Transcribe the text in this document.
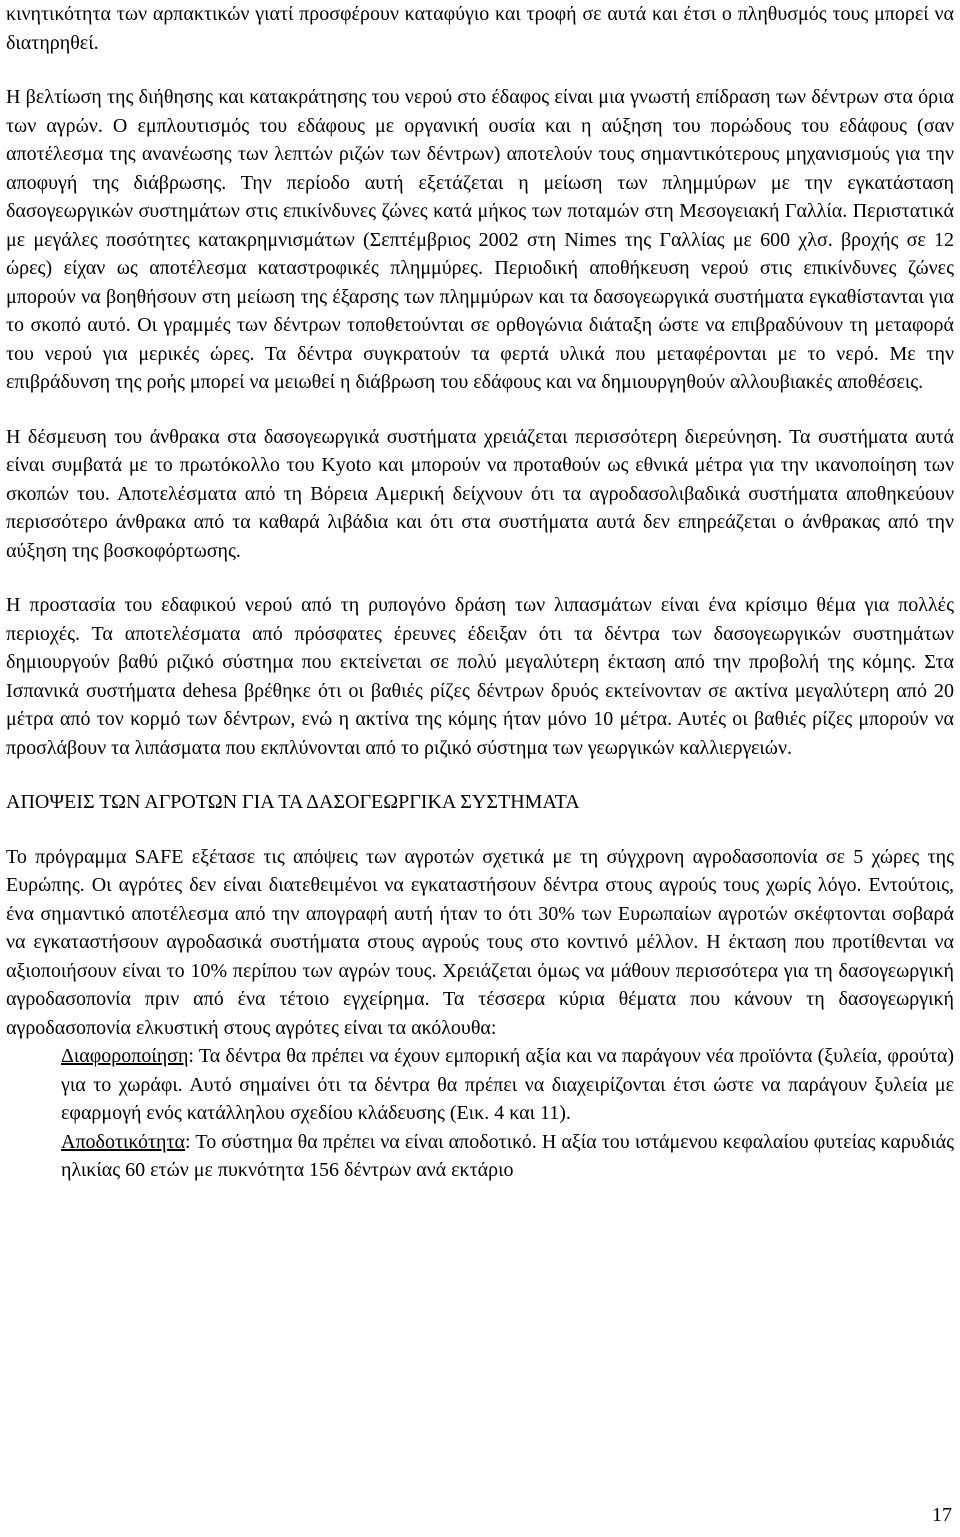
κινητικότητα των αρπακτικών γιατί προσφέρουν καταφύγιο και τροφή σε αυτά και έτσι ο πληθυσμός τους μπορεί να διατηρηθεί.

Η βελτίωση της διήθησης και κατακράτησης του νερού στο έδαφος είναι μια γνωστή επίδραση των δέντρων στα όρια των αγρών. Ο εμπλουτισμός του εδάφους με οργανική ουσία και η αύξηση του πορώδους του εδάφους (σαν αποτέλεσμα της ανανέωσης των λεπτών ριζών των δέντρων) αποτελούν τους σημαντικότερους μηχανισμούς για την αποφυγή της διάβρωσης. Την περίοδο αυτή εξετάζεται η μείωση των πλημμύρων με την εγκατάσταση δασογεωργικών συστημάτων στις επικίνδυνες ζώνες κατά μήκος των ποταμών στη Μεσογειακή Γαλλία. Περιστατικά με μεγάλες ποσότητες κατακρημνισμάτων (Σεπτέμβριος 2002 στη Nimes της Γαλλίας με 600 χλσ. βροχής σε 12 ώρες) είχαν ως αποτέλεσμα καταστροφικές πλημμύρες. Περιοδική αποθήκευση νερού στις επικίνδυνες ζώνες μπορούν να βοηθήσουν στη μείωση της έξαρσης των πλημμύρων και τα δασογεωργικά συστήματα εγκαθίστανται για το σκοπό αυτό. Οι γραμμές των δέντρων τοποθετούνται σε ορθογώνια διάταξη ώστε να επιβραδύνουν τη μεταφορά του νερού για μερικές ώρες. Τα δέντρα συγκρατούν τα φερτά υλικά που μεταφέρονται με το νερό. Με την επιβράδυνση της ροής μπορεί να μειωθεί η διάβρωση του εδάφους και να δημιουργηθούν αλλουβιακές αποθέσεις.

Η δέσμευση του άνθρακα στα δασογεωργικά συστήματα χρειάζεται περισσότερη διερεύνηση. Τα συστήματα αυτά είναι συμβατά με το πρωτόκολλο του Kyoto και μπορούν να προταθούν ως εθνικά μέτρα για την ικανοποίηση των σκοπών του. Αποτελέσματα από τη Βόρεια Αμερική δείχνουν ότι τα αγροδασολιβαδικά συστήματα αποθηκεύουν περισσότερο άνθρακα από τα καθαρά λιβάδια και ότι στα συστήματα αυτά δεν επηρεάζεται ο άνθρακας από την αύξηση της βοσκοφόρτωσης.

Η προστασία του εδαφικού νερού από τη ρυπογόνο δράση των λιπασμάτων είναι ένα κρίσιμο θέμα για πολλές περιοχές. Τα αποτελέσματα από πρόσφατες έρευνες έδειξαν ότι τα δέντρα των δασογεωργικών συστημάτων δημιουργούν βαθύ ριζικό σύστημα που εκτείνεται σε πολύ μεγαλύτερη έκταση από την προβολή της κόμης. Στα Ισπανικά συστήματα dehesa βρέθηκε ότι οι βαθιές ρίζες δέντρων δρυός εκτείνονταν σε ακτίνα μεγαλύτερη από 20 μέτρα από τον κορμό των δέντρων, ενώ η ακτίνα της κόμης ήταν μόνο 10 μέτρα. Αυτές οι βαθιές ρίζες μπορούν να προσλάβουν τα λιπάσματα που εκπλύνονται από το ριζικό σύστημα των γεωργικών καλλιεργειών.

ΑΠΟΨΕΙΣ ΤΩΝ ΑΓΡΟΤΩΝ ΓΙΑ ΤΑ ΔΑΣΟΓΕΩΡΓΙΚΑ ΣΥΣΤΗΜΑΤΑ

Το πρόγραμμα SAFE εξέτασε τις απόψεις των αγροτών σχετικά με τη σύγχρονη αγροδασοπονία σε 5 χώρες της Ευρώπης. Οι αγρότες δεν είναι διατεθειμένοι να εγκαταστήσουν δέντρα στους αγρούς τους χωρίς λόγο. Εντούτοις, ένα σημαντικό αποτέλεσμα από την απογραφή αυτή ήταν το ότι 30% των Ευρωπαίων αγροτών σκέφτονται σοβαρά να εγκαταστήσουν αγροδασικά συστήματα στους αγρούς τους στο κοντινό μέλλον. Η έκταση που προτίθενται να αξιοποιήσουν είναι το 10% περίπου των αγρών τους. Χρειάζεται όμως να μάθουν περισσότερα για τη δασογεωργική αγροδασοπονία πριν από ένα τέτοιο εγχείρημα. Τα τέσσερα κύρια θέματα που κάνουν τη δασογεωργική αγροδασοπονία ελκυστική στους αγρότες είναι τα ακόλουθα:

Διαφοροποίηση: Τα δέντρα θα πρέπει να έχουν εμπορική αξία και να παράγουν νέα προϊόντα (ξυλεία, φρούτα) για το χωράφι. Αυτό σημαίνει ότι τα δέντρα θα πρέπει να διαχειρίζονται έτσι ώστε να παράγουν ξυλεία με εφαρμογή ενός κατάλληλου σχεδίου κλάδευσης (Εικ. 4 και 11).

Αποδοτικότητα: Το σύστημα θα πρέπει να είναι αποδοτικό. Η αξία του ιστάμενου κεφαλαίου φυτείας καρυδιάς ηλικίας 60 ετών με πυκνότητα 156 δέντρων ανά εκτάριο

17
